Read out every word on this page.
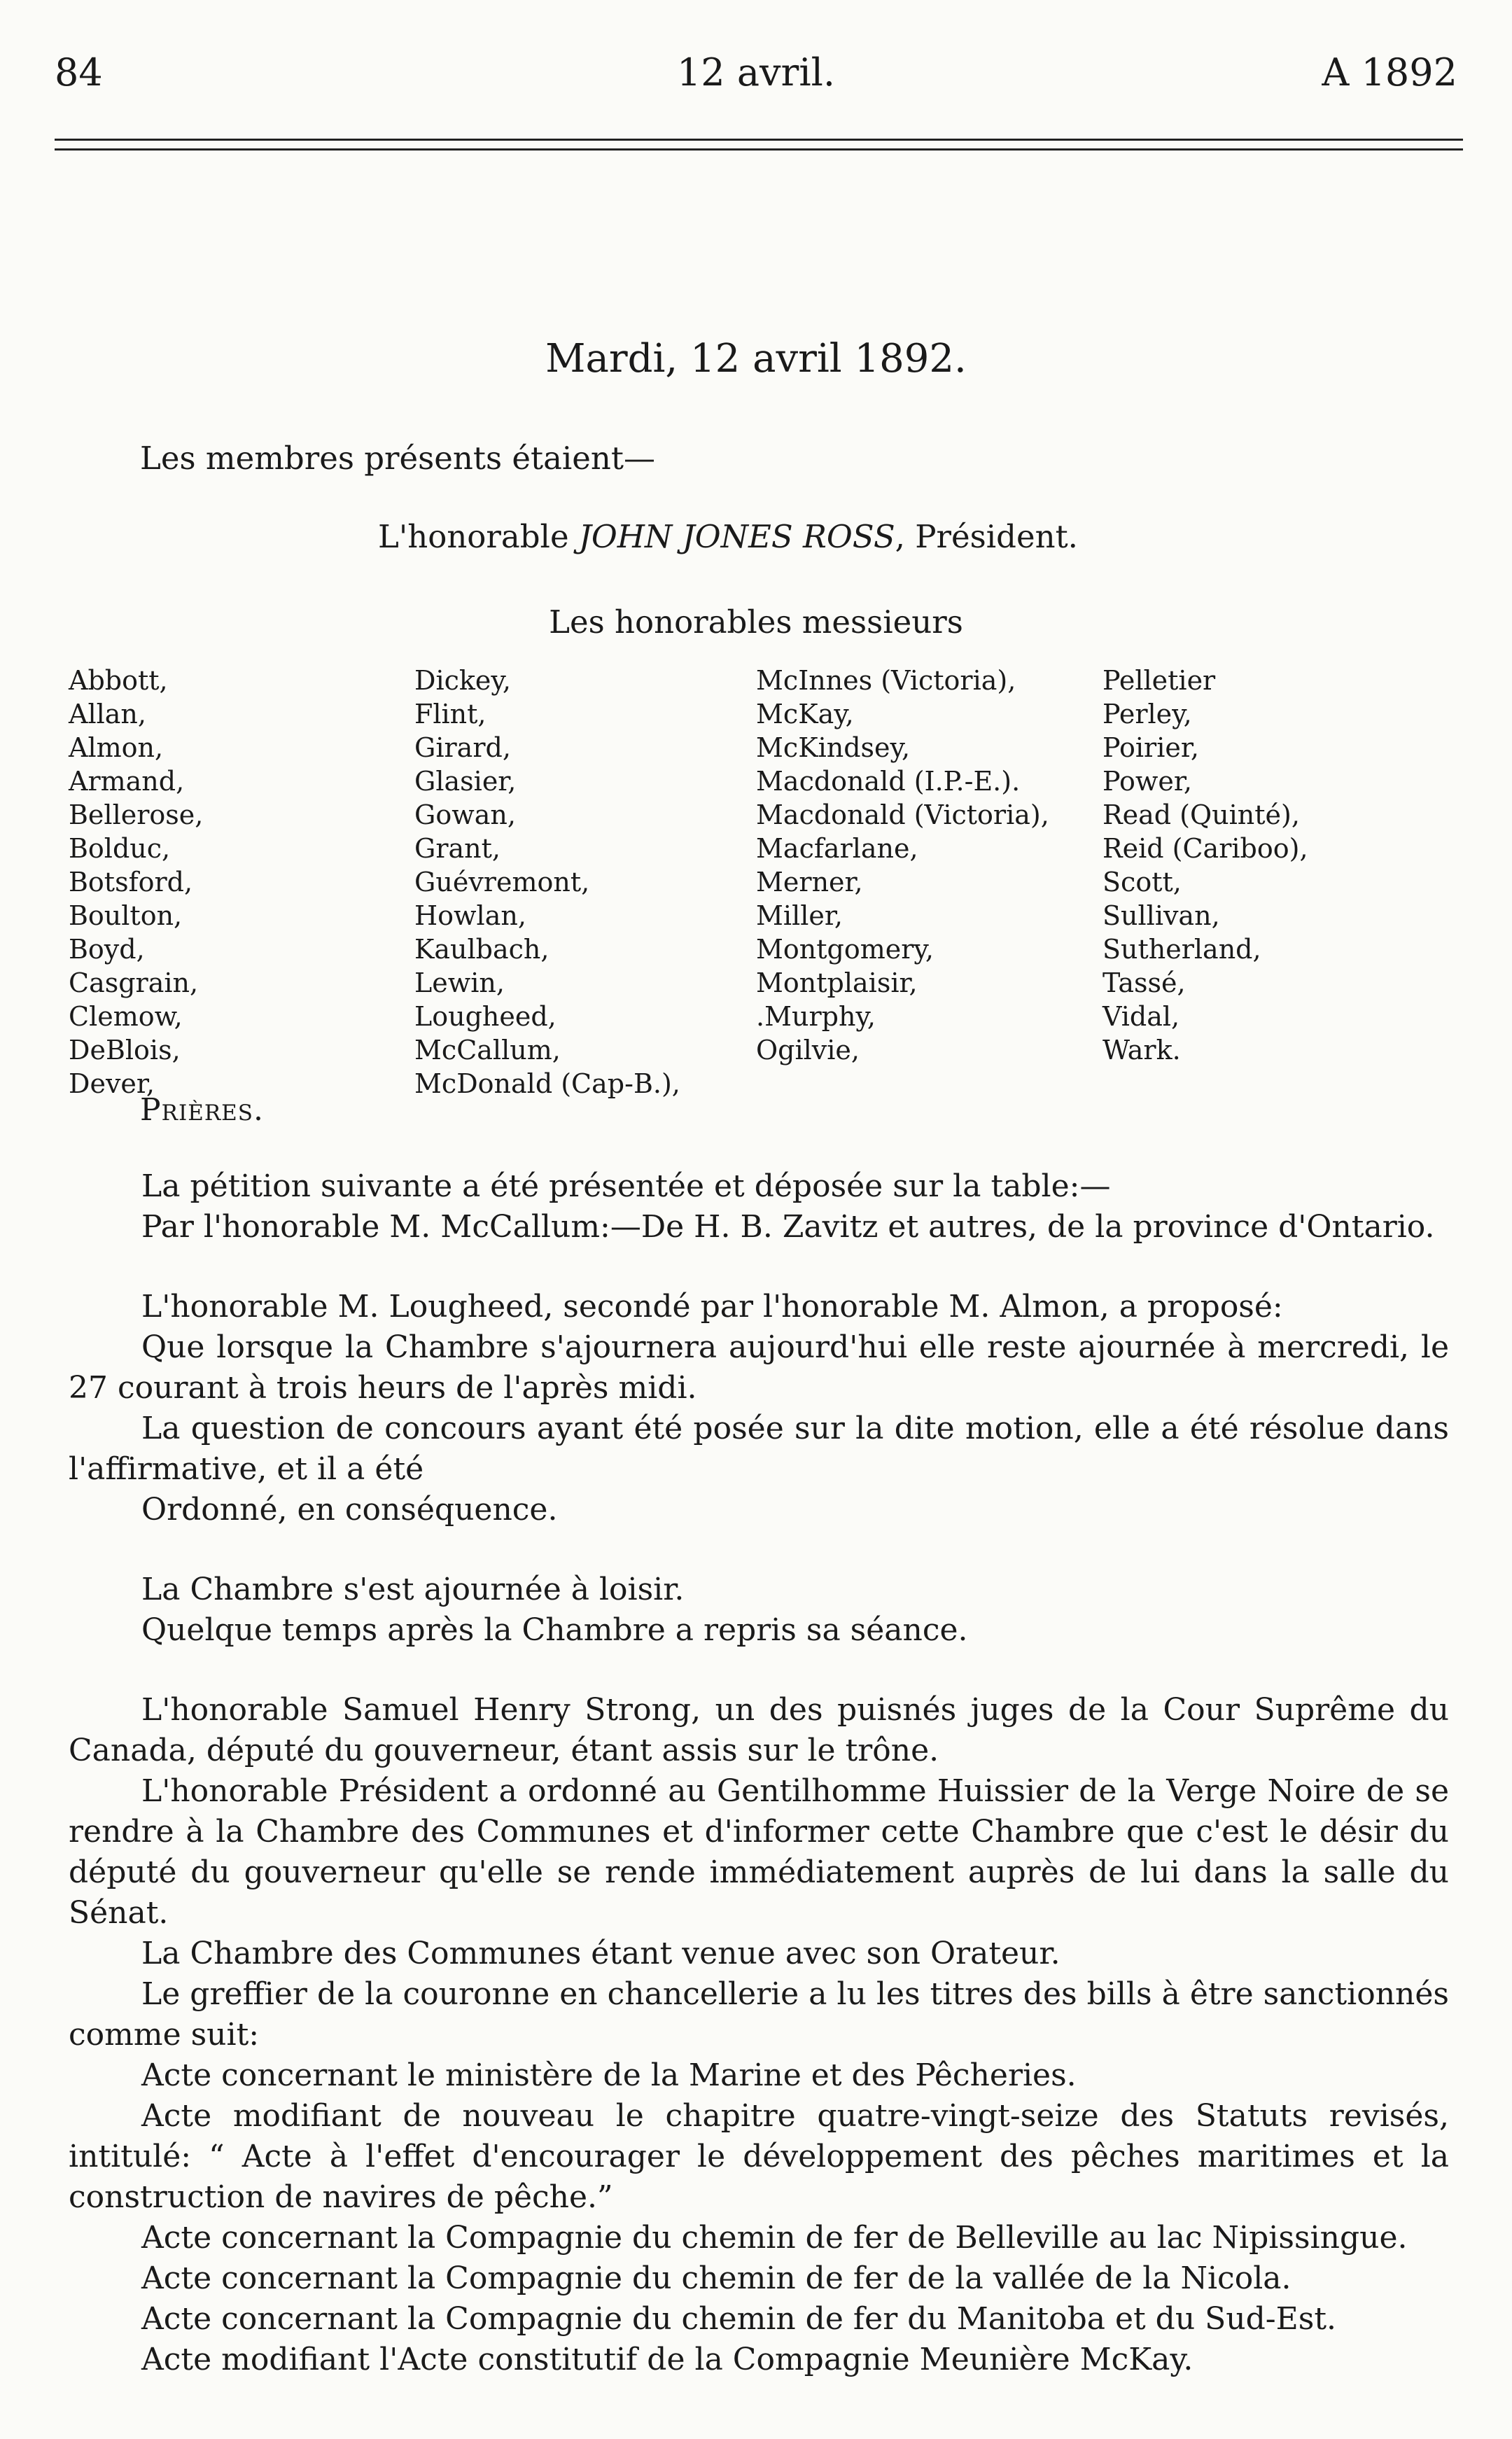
84	12 avril.	A 1892
Mardi, 12 avril 1892.
Les membres présents étaient—
L'honorable JOHN JONES ROSS, Président.
Les honorables messieurs
Abbott,
Allan,
Almon,
Armand,
Bellerose,
Bolduc,
Botsford,
Boulton,
Boyd,
Casgrain,
Clemow,
DeBlois,
Dever,
Dickey,
Flint,
Girard,
Glasier,
Gowan,
Grant,
Guévremont,
Howlan,
Kaulbach,
Lewin,
Lougheed,
McCallum,
McDonald (Cap-B.),
McInnes (Victoria),
McKay,
McKindsey,
Macdonald (I.P.-E.).
Macdonald (Victoria),
Macfarlane,
Merner,
Miller,
Montgomery,
Montplaisir,
.Murphy,
Ogilvie,
Pelletier
Perley,
Poirier,
Power,
Read (Quinté),
Reid (Cariboo),
Scott,
Sullivan,
Sutherland,
Tassé,
Vidal,
Wark.
Prières.

La pétition suivante a été présentée et déposée sur la table:—

Par l'honorable M. McCallum:—De H. B. Zavitz et autres, de la province d'Ontario.

L'honorable M. Lougheed, secondé par l'honorable M. Almon, a proposé:

Que lorsque la Chambre s'ajournera aujourd'hui elle reste ajournée à mercredi, le 27 courant à trois heurs de l'après midi.

La question de concours ayant été posée sur la dite motion, elle a été résolue dans l'affirmative, et il a été

Ordonné, en conséquence.

La Chambre s'est ajournée à loisir.

Quelque temps après la Chambre a repris sa séance.

L'honorable Samuel Henry Strong, un des puisnés juges de la Cour Suprême du Canada, député du gouverneur, étant assis sur le trône.

L'honorable Président a ordonné au Gentilhomme Huissier de la Verge Noire de se rendre à la Chambre des Communes et d'informer cette Chambre que c'est le désir du député du gouverneur qu'elle se rende immédiatement auprès de lui dans la salle du Sénat.

La Chambre des Communes étant venue avec son Orateur.

Le greffier de la couronne en chancellerie a lu les titres des bills à être sanctionnés comme suit:

Acte concernant le ministère de la Marine et des Pêcheries.

Acte modifiant de nouveau le chapitre quatre-vingt-seize des Statuts revisés, intitulé: “ Acte à l'effet d'encourager le développement des pêches maritimes et la construction de navires de pêche.”

Acte concernant la Compagnie du chemin de fer de Belleville au lac Nipissingue.

Acte concernant la Compagnie du chemin de fer de la vallée de la Nicola.

Acte concernant la Compagnie du chemin de fer du Manitoba et du Sud-Est.

Acte modifiant l'Acte constitutif de la Compagnie Meunière McKay.
